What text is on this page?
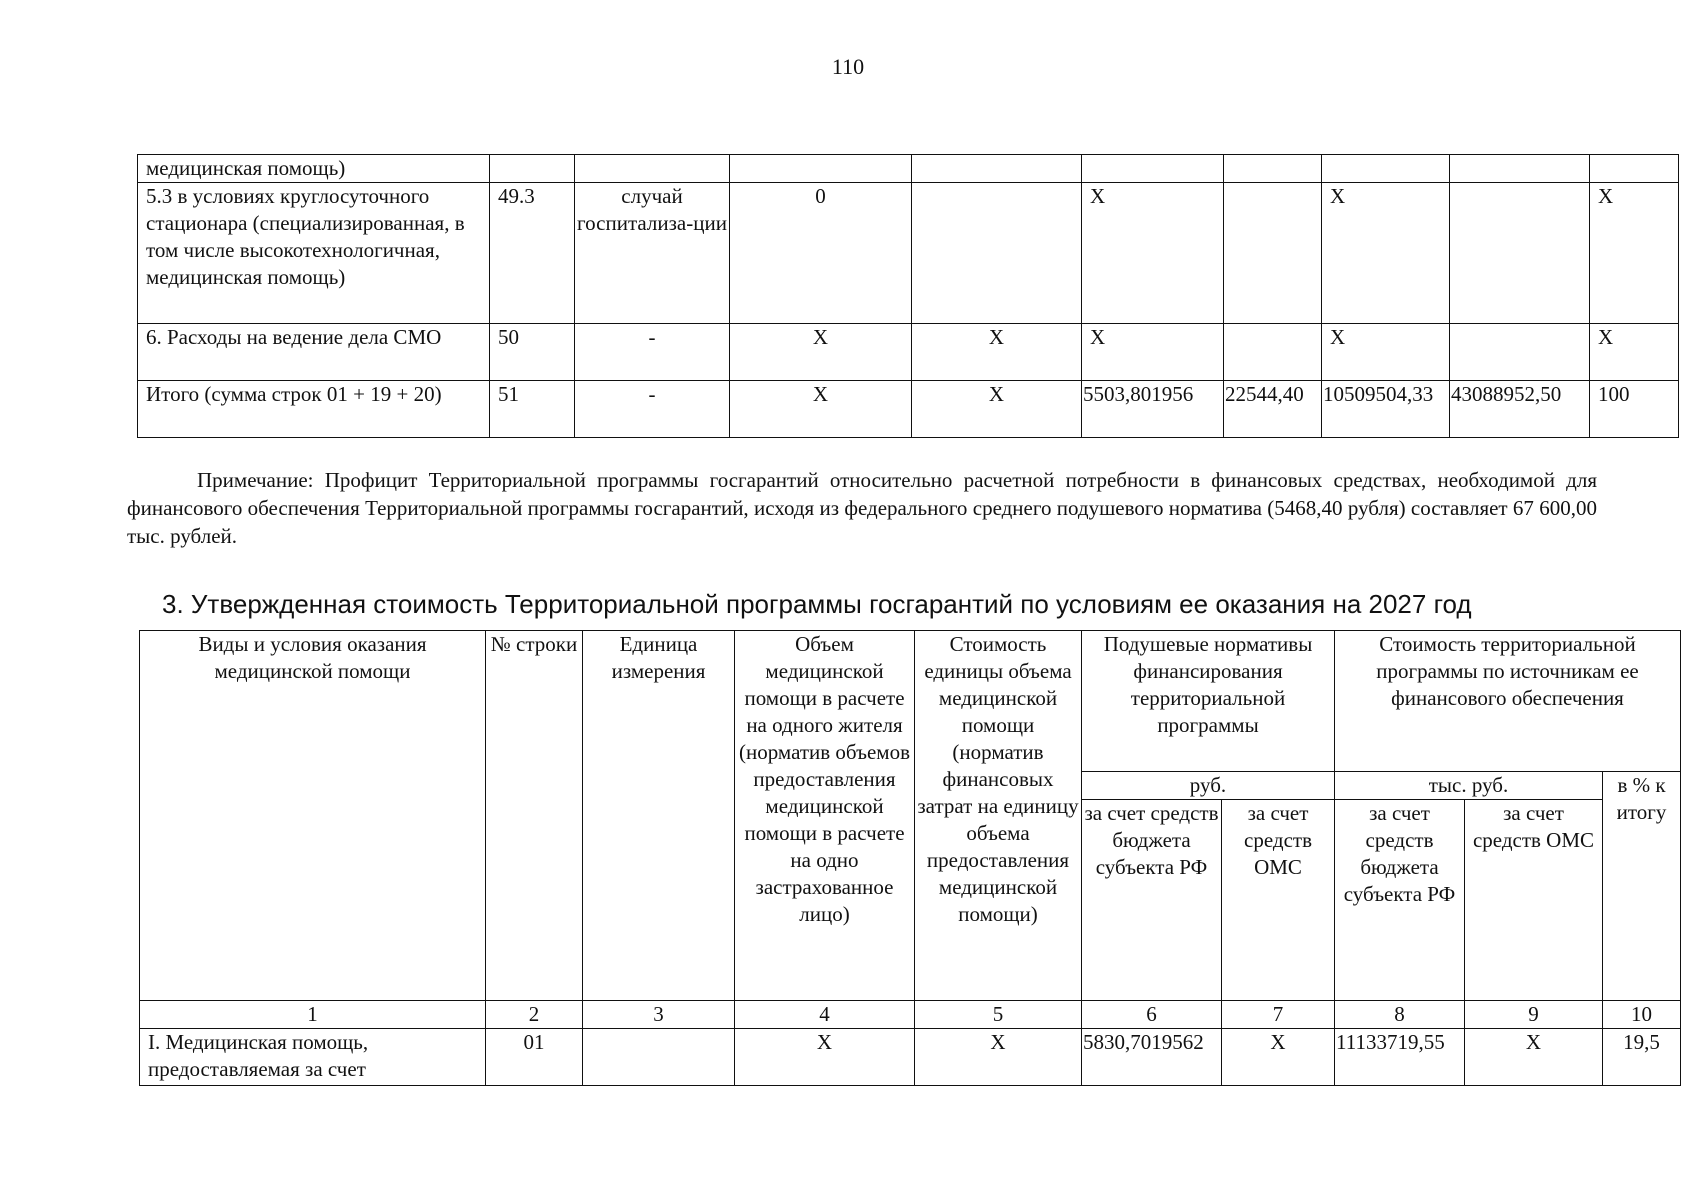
110
медицинская помощь)									
5.3 в условиях круглосуточного стационара (специализированная, в том числе высокотехнологичная, медицинская помощь)	49.3	случай госпитализа-ции	0		Х		Х		Х
6. Расходы на ведение дела СМО	50	-	Х	Х	Х		Х		Х
Итого (сумма строк 01 + 19 + 20)	51	-	Х	Х	5503,801956	22544,40	10509504,33	43088952,50	100
Примечание: Профицит Территориальной программы госгарантий относительно расчетной потребности в финансовых средствах, необходимой для финансового обеспечения Территориальной программы госгарантий, исходя из федерального среднего подушевого норматива (5468,40 рубля) составляет 67 600,00 тыс. рублей.
3. Утвержденная стоимость Территориальной программы госгарантий по условиям ее оказания на 2027 год
Виды и условия оказания медицинской помощи	№ строки	Единица измерения	Объем медицинской помощи в расчете на одного жителя (норматив объемов предоставления медицинской помощи в расчете на одно застрахованное лицо)	Стоимость единицы объема медицинской помощи (норматив финансовых затрат на единицу объема предоставления медицинской помощи)	Подушевые нормативы финансирования территориальной программы		Стоимость территориальной программы по источникам ее финансового обеспечения		
					руб.		тыс. руб.		в % к итогу
					за счет средств бюджета субъекта РФ	за счет средств ОМС	за счет средств бюджета субъекта РФ	за счет средств ОМС	
1	2	3	4	5	6	7	8	9	10
I. Медицинская помощь, предоставляемая за счет	01		Х	Х	5830,7019562	Х	11133719,55	Х	19,5
